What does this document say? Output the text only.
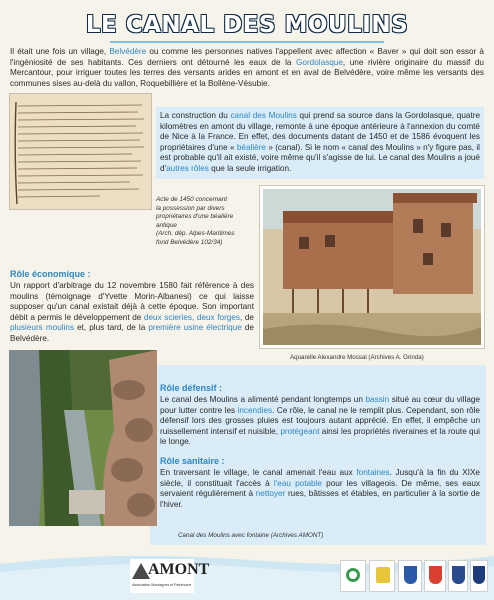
LE CANAL DES MOULINS
Il était une fois un village, Belvédère ou comme les personnes natives l'appellent avec affection « Baver » qui doit son essor à l'ingéniosité de ses habitants. Ces derniers ont détourné les eaux de la Gordolasque, une rivière originaire du massif du Mercantour, pour irriguer toutes les terres des versants arides en amont et en aval de Belvédère, voire même les versants des communes sises au-delà du vallon, Roquebillière et la Bollène-Vésubie.
La construction du canal des Moulins qui prend sa source dans la Gordolasque, quatre kilomètres en amont du village, remonte à une époque antérieure à l'annexion du comté de Nice à la France. En effet, des documents datant de 1450 et de 1586 évoquent les propriétaires d'une « béalière » (canal). Si le nom « canal des Moulins » n'y figure pas, il est probable qu'il ait existé, voire même qu'il s'agisse de lui. Le canal des Moulins a joué d'autres rôles que la seule irrigation.
Acte de 1450 concernant
la possession par divers
propriétaires d'une béalière
antique
(Arch. dép. Alpes-Maritimes
fond Belvédère 102/34)
Aquarelle Alexandre Mossal (Archives A. Grinda)
Rôle économique :
Un rapport d'arbitrage du 12 novembre 1580 fait référence à des moulins (témoignage d'Yvette Morin-Albanesi) ce qui laisse supposer qu'un canal existait déjà à cette époque. Son important débit a permis le développement de deux scieries, deux forges, de plusieurs moulins et, plus tard, de la première usine électrique de Belvédère.
Rôle défensif :
Le canal des Moulins a alimenté pendant longtemps un bassin situé au cœur du village pour lutter contre les incendies. Ce rôle, le canal ne le remplit plus. Cependant, son rôle défensif lors des grosses pluies est toujours autant apprécié. En effet, il empêche un ruissellement intensif et nuisible, protégeant ainsi les propriétés riveraines et la route qui le longe.
Rôle sanitaire :
En traversant le village, le canal amenait l'eau aux fontaines. Jusqu'à la fin du XIXe siècle, il constituait l'accès à l'eau potable pour les villageois. De même, ses eaux servaient régulièrement à nettoyer rues, bâtisses et étables, en particulier à la sortie de l'hiver.
Canal des Moulins avec fontaine (Archives AMONT)
AMONT
Association Montagnes et Patrimoine
